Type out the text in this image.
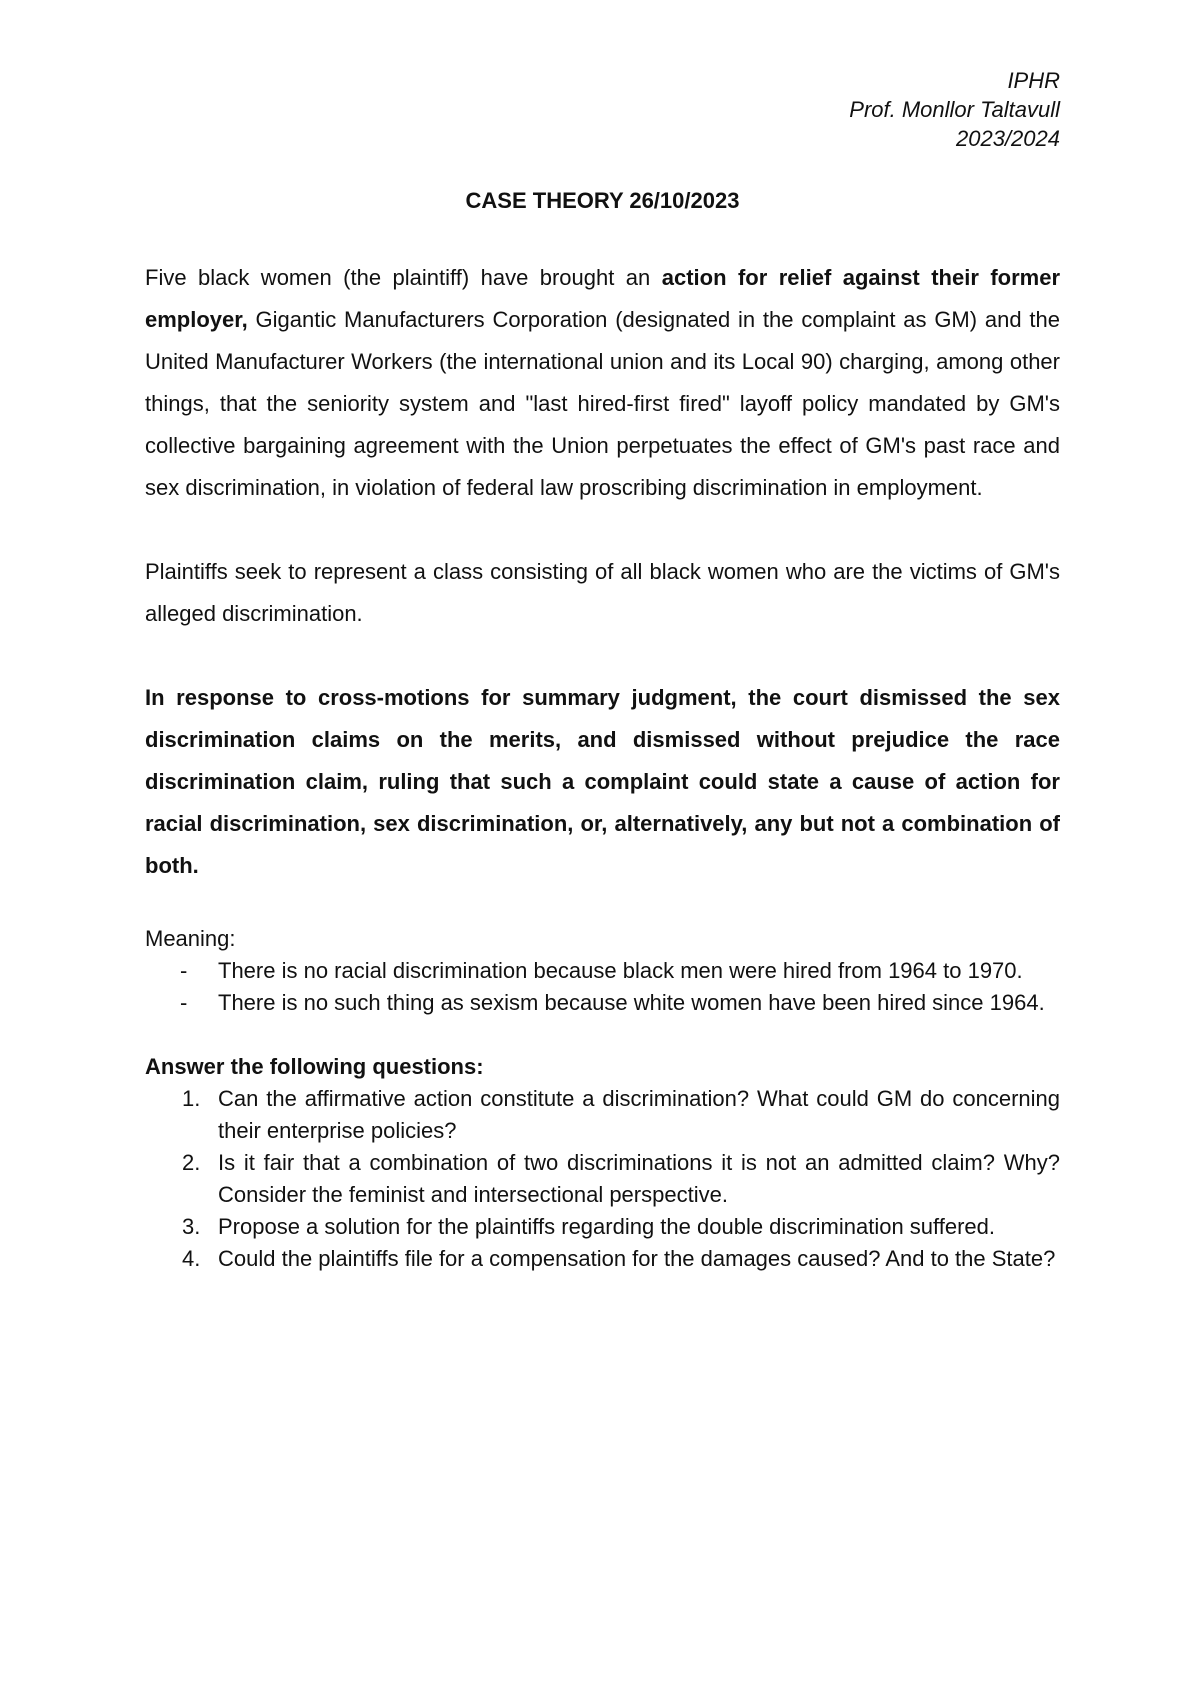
IPHR
Prof. Monllor Taltavull
2023/2024
CASE THEORY 26/10/2023

Five black women (the plaintiff) have brought an action for relief against their former employer, Gigantic Manufacturers Corporation (designated in the complaint as GM) and the United Manufacturer Workers (the international union and its Local 90) charging, among other things, that the seniority system and "last hired-first fired" layoff policy mandated by GM's collective bargaining agreement with the Union perpetuates the effect of GM's past race and sex discrimination, in violation of federal law proscribing discrimination in employment.

Plaintiffs seek to represent a class consisting of all black women who are the victims of GM's alleged discrimination.

In response to cross-motions for summary judgment, the court dismissed the sex discrimination claims on the merits, and dismissed without prejudice the race discrimination claim, ruling that such a complaint could state a cause of action for racial discrimination, sex discrimination, or, alternatively, any but not a combination of both.

Meaning:
- There is no racial discrimination because black men were hired from 1964 to 1970.
- There is no such thing as sexism because white women have been hired since 1964.
Answer the following questions:
1. Can the affirmative action constitute a discrimination? What could GM do concerning their enterprise policies?
2. Is it fair that a combination of two discriminations it is not an admitted claim? Why? Consider the feminist and intersectional perspective.
3. Propose a solution for the plaintiffs regarding the double discrimination suffered.
4. Could the plaintiffs file for a compensation for the damages caused? And to the State?
